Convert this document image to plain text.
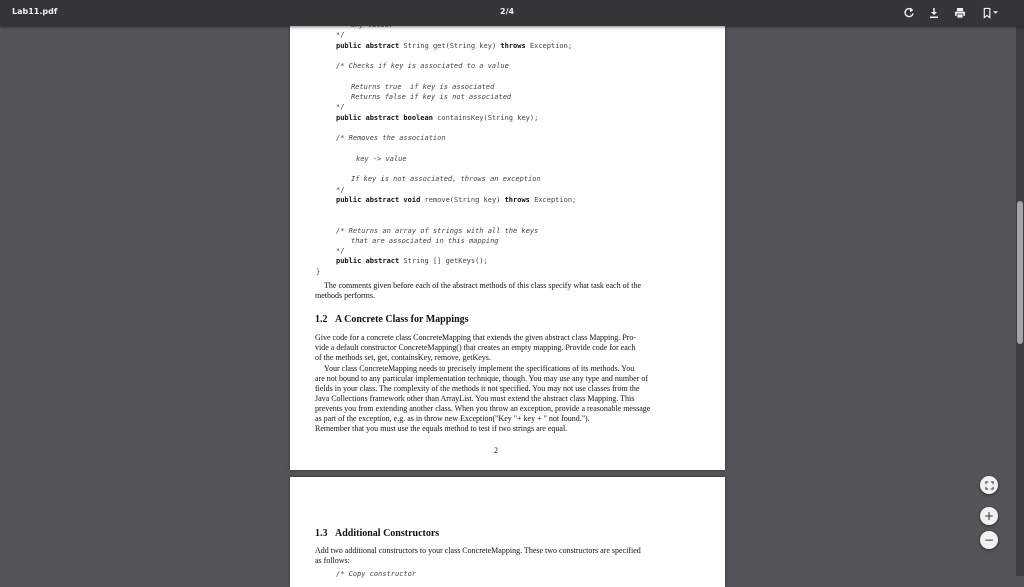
Lab11.pdf	2/4
*/
public abstract String get(String key) throws Exception;
/* Checks if key is associated to a value
Returns true  if key is associated
Returns false if key is not associated
*/
public abstract boolean containsKey(String key);
/* Removes the association
key -> value
If key is not associated, throws an exception
*/
public abstract void remove(String key) throws Exception;
/* Returns an array of strings with all the keys
that are associated in this mapping
*/
public abstract String [] getKeys();
}
The comments given before each of the abstract methods of this class specify what task each of the
methods performs.
1.2 A Concrete Class for Mappings
Give code for a concrete class ConcreteMapping that extends the given abstract class Mapping. Pro-
vide a default constructor ConcreteMapping() that creates an empty mapping. Provide code for each
of the methods set, get, containsKey, remove, getKeys.
Your class ConcreteMapping needs to precisely implement the specifications of its methods. You
are not bound to any particular implementation technique, though. You may use any type and number of
fields in your class. The complexity of the methods it not specified. You may not use classes from the
Java Collections framework other than ArrayList. You must extend the abstract class Mapping. This
prevents you from extending another class. When you throw an exception, provide a reasonable message
as part of the exception, e.g. as in throw new Exception("Key "+ key + " not found.").
Remember that you must use the equals method to test if two strings are equal.
2
1.3 Additional Constructors
Add two additional constructors to your class ConcreteMapping. These two constructors are specified
as follows:
/* Copy constructor
+
−
